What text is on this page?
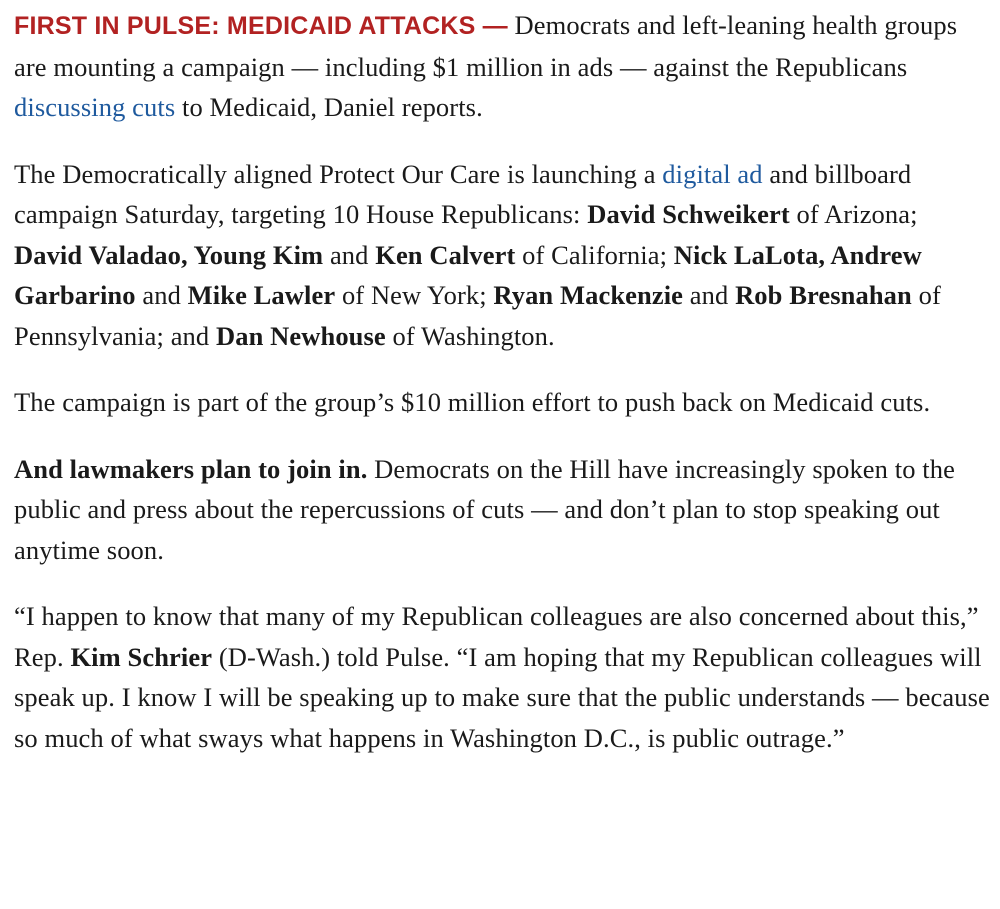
FIRST IN PULSE: MEDICAID ATTACKS — Democrats and left-leaning health groups are mounting a campaign — including $1 million in ads — against the Republicans discussing cuts to Medicaid, Daniel reports.

The Democratically aligned Protect Our Care is launching a digital ad and billboard campaign Saturday, targeting 10 House Republicans: David Schweikert of Arizona; David Valadao, Young Kim and Ken Calvert of California; Nick LaLota, Andrew Garbarino and Mike Lawler of New York; Ryan Mackenzie and Rob Bresnahan of Pennsylvania; and Dan Newhouse of Washington.

The campaign is part of the group’s $10 million effort to push back on Medicaid cuts.

And lawmakers plan to join in. Democrats on the Hill have increasingly spoken to the public and press about the repercussions of cuts — and don’t plan to stop speaking out anytime soon.

“I happen to know that many of my Republican colleagues are also concerned about this,” Rep. Kim Schrier (D-Wash.) told Pulse. “I am hoping that my Republican colleagues will speak up. I know I will be speaking up to make sure that the public understands — because so much of what sways what happens in Washington D.C., is public outrage.”
